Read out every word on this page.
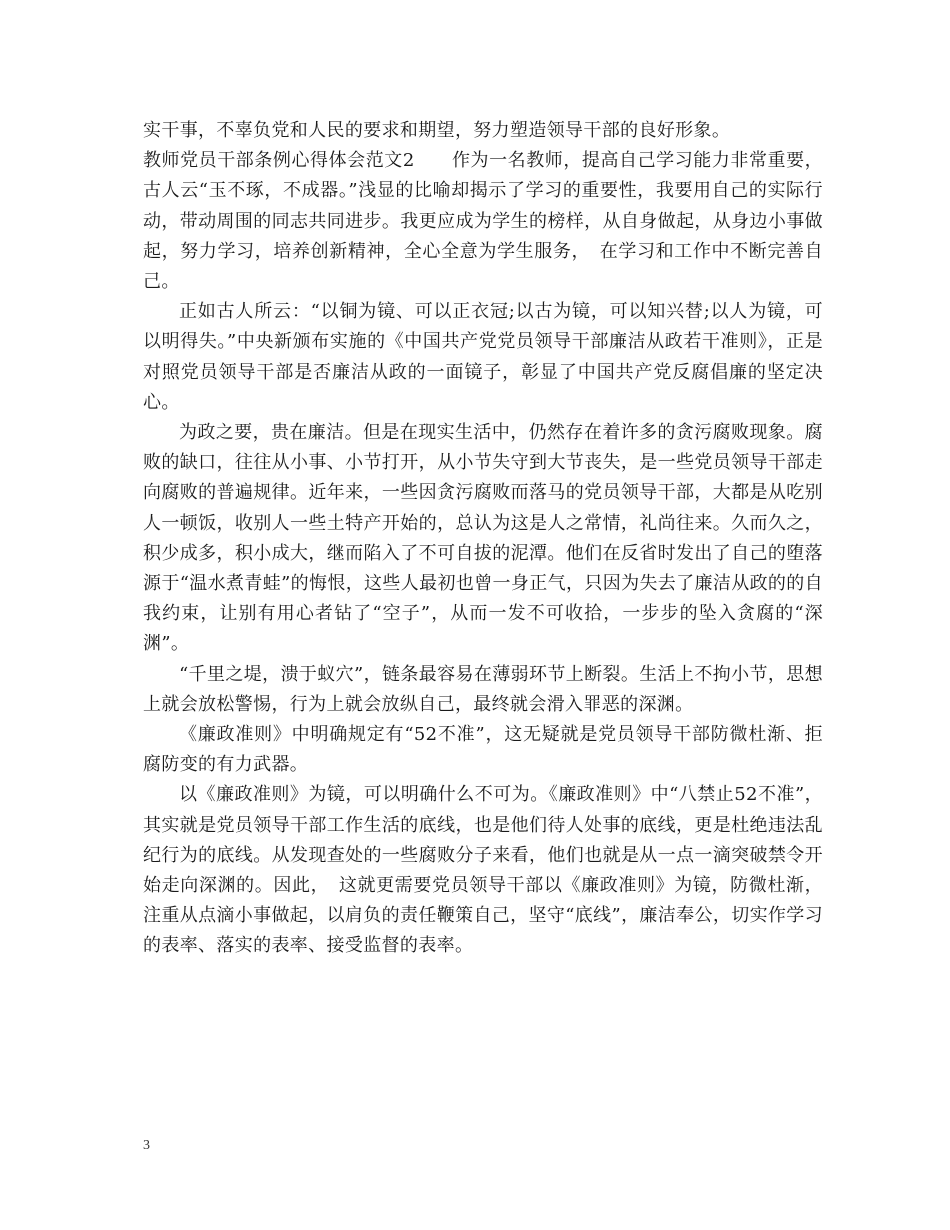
实干事，不辜负党和人民的要求和期望，努力塑造领导干部的良好形象。

教师党员干部条例心得体会范文2　　作为一名教师，提高自己学习能力非常重要，古人云“玉不琢，不成器。”浅显的比喻却揭示了学习的重要性，我要用自己的实际行动，带动周围的同志共同进步。我更应成为学生的榜样，从自身做起，从身边小事做起，努力学习，培养创新精神，全心全意为学生服务，　在学习和工作中不断完善自己。

正如古人所云：“以铜为镜、可以正衣冠;以古为镜，可以知兴替;以人为镜，可以明得失。”中央新颁布实施的《中国共产党党员领导干部廉洁从政若干准则》，正是对照党员领导干部是否廉洁从政的一面镜子，彰显了中国共产党反腐倡廉的坚定决心。

为政之要，贵在廉洁。但是在现实生活中，仍然存在着许多的贪污腐败现象。腐败的缺口，往往从小事、小节打开，从小节失守到大节丧失，是一些党员领导干部走向腐败的普遍规律。近年来，一些因贪污腐败而落马的党员领导干部，大都是从吃别人一顿饭，收别人一些土特产开始的，总认为这是人之常情，礼尚往来。久而久之，积少成多，积小成大，继而陷入了不可自拔的泥潭。他们在反省时发出了自己的堕落源于“温水煮青蛙”的悔恨，这些人最初也曾一身正气，只因为失去了廉洁从政的的自我约束，让别有用心者钻了“空子”，从而一发不可收拾，一步步的坠入贪腐的“深渊”。

“千里之堤，溃于蚁穴”，链条最容易在薄弱环节上断裂。生活上不拘小节，思想上就会放松警惕，行为上就会放纵自己，最终就会滑入罪恶的深渊。

《廉政准则》中明确规定有“52不准”，这无疑就是党员领导干部防微杜渐、拒腐防变的有力武器。

以《廉政准则》为镜，可以明确什么不可为。《廉政准则》中“八禁止52不准”，其实就是党员领导干部工作生活的底线，也是他们待人处事的底线，更是杜绝违法乱纪行为的底线。从发现查处的一些腐败分子来看，他们也就是从一点一滴突破禁令开始走向深渊的。因此，　这就更需要党员领导干部以《廉政准则》为镜，防微杜渐，注重从点滴小事做起，以肩负的责任鞭策自己，坚守“底线”，廉洁奉公，切实作学习的表率、落实的表率、接受监督的表率。

3
